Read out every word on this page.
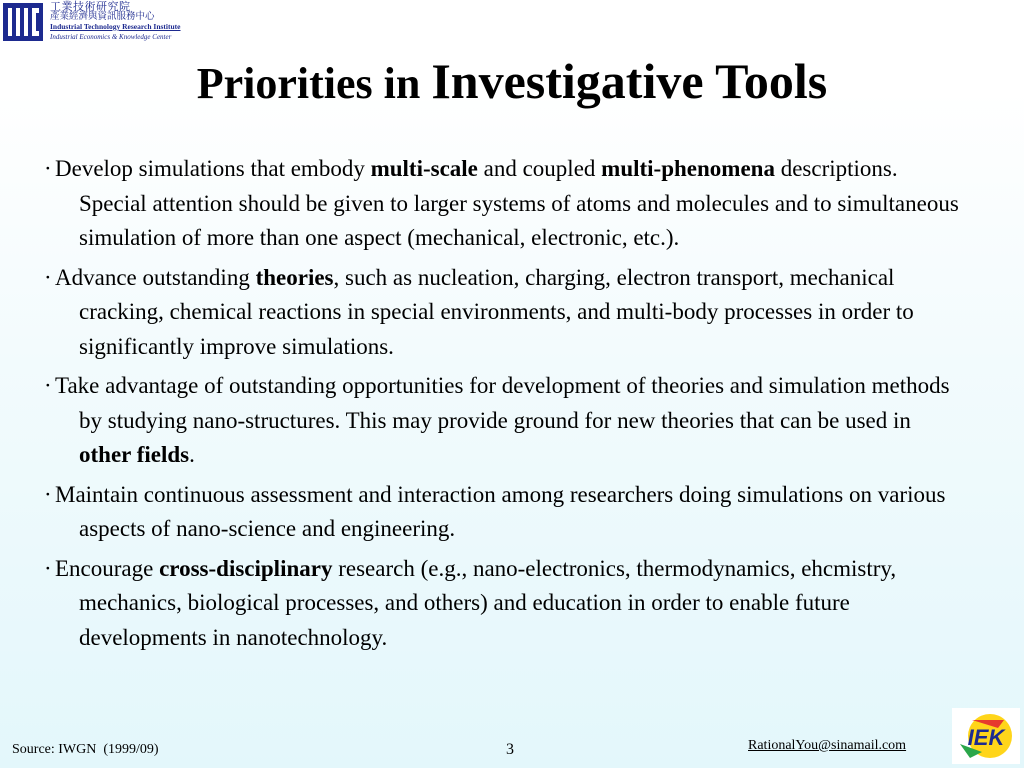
工業技術研究院
產業經濟與資訊服務中心
Industrial Technology Research Institute
Industrial Economics & Knowledge Center
Priorities in Investigative Tools
· Develop simulations that embody multi-scale and coupled multi-phenomena descriptions. Special attention should be given to larger systems of atoms and molecules and to simultaneous simulation of more than one aspect (mechanical, electronic, etc.).
· Advance outstanding theories, such as nucleation, charging, electron transport, mechanical cracking, chemical reactions in special environments, and multi-body processes in order to significantly improve simulations.
· Take advantage of outstanding opportunities for development of theories and simulation methods by studying nano-structures. This may provide ground for new theories that can be used in other fields.
· Maintain continuous assessment and interaction among researchers doing simulations on various aspects of nano-science and engineering.
· Encourage cross-disciplinary research (e.g., nano-electronics, thermodynamics, ehcmistry, mechanics, biological processes, and others) and education in order to enable future developments in nanotechnology.
Source: IWGN  (1999/09)	3	RationalYou@sinamail.com	IEK
